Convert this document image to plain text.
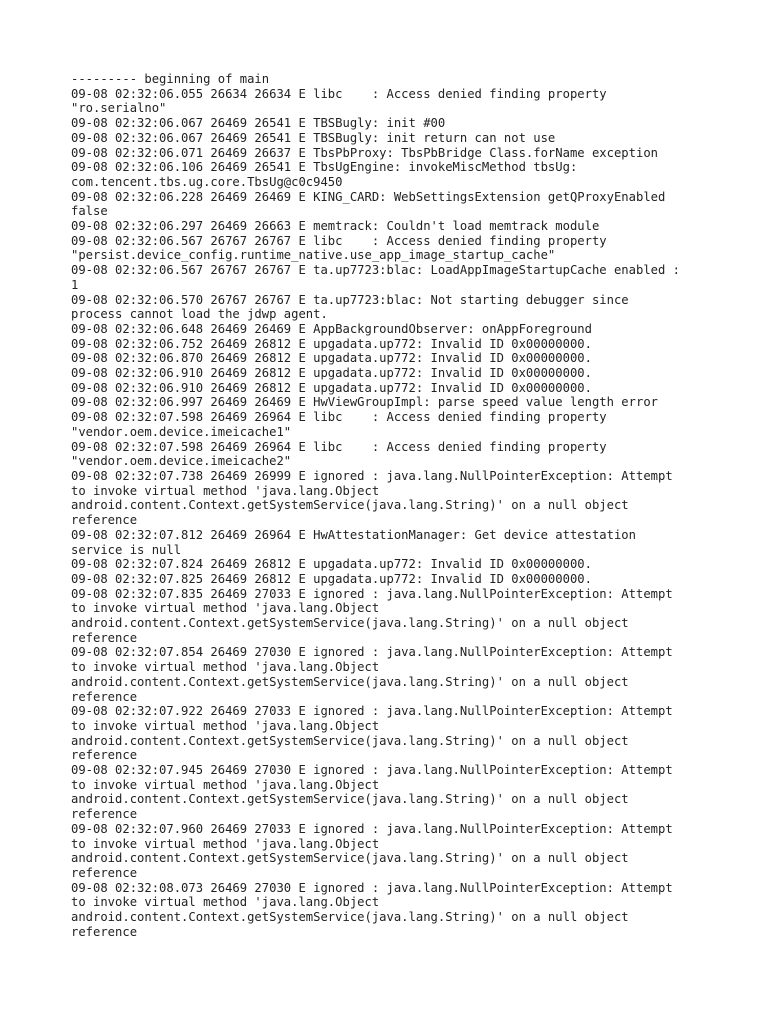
--------- beginning of main
09-08 02:32:06.055 26634 26634 E libc    : Access denied finding property
"ro.serialno"
09-08 02:32:06.067 26469 26541 E TBSBugly: init #00
09-08 02:32:06.067 26469 26541 E TBSBugly: init return can not use
09-08 02:32:06.071 26469 26637 E TbsPbProxy: TbsPbBridge Class.forName exception
09-08 02:32:06.106 26469 26541 E TbsUgEngine: invokeMiscMethod tbsUg:
com.tencent.tbs.ug.core.TbsUg@c0c9450
09-08 02:32:06.228 26469 26469 E KING_CARD: WebSettingsExtension getQProxyEnabled
false
09-08 02:32:06.297 26469 26663 E memtrack: Couldn't load memtrack module
09-08 02:32:06.567 26767 26767 E libc    : Access denied finding property
"persist.device_config.runtime_native.use_app_image_startup_cache"
09-08 02:32:06.567 26767 26767 E ta.up7723:blac: LoadAppImageStartupCache enabled :
1
09-08 02:32:06.570 26767 26767 E ta.up7723:blac: Not starting debugger since
process cannot load the jdwp agent.
09-08 02:32:06.648 26469 26469 E AppBackgroundObserver: onAppForeground
09-08 02:32:06.752 26469 26812 E upgadata.up772: Invalid ID 0x00000000.
09-08 02:32:06.870 26469 26812 E upgadata.up772: Invalid ID 0x00000000.
09-08 02:32:06.910 26469 26812 E upgadata.up772: Invalid ID 0x00000000.
09-08 02:32:06.910 26469 26812 E upgadata.up772: Invalid ID 0x00000000.
09-08 02:32:06.997 26469 26469 E HwViewGroupImpl: parse speed value length error
09-08 02:32:07.598 26469 26964 E libc    : Access denied finding property
"vendor.oem.device.imeicache1"
09-08 02:32:07.598 26469 26964 E libc    : Access denied finding property
"vendor.oem.device.imeicache2"
09-08 02:32:07.738 26469 26999 E ignored : java.lang.NullPointerException: Attempt
to invoke virtual method 'java.lang.Object
android.content.Context.getSystemService(java.lang.String)' on a null object
reference
09-08 02:32:07.812 26469 26964 E HwAttestationManager: Get device attestation
service is null
09-08 02:32:07.824 26469 26812 E upgadata.up772: Invalid ID 0x00000000.
09-08 02:32:07.825 26469 26812 E upgadata.up772: Invalid ID 0x00000000.
09-08 02:32:07.835 26469 27033 E ignored : java.lang.NullPointerException: Attempt
to invoke virtual method 'java.lang.Object
android.content.Context.getSystemService(java.lang.String)' on a null object
reference
09-08 02:32:07.854 26469 27030 E ignored : java.lang.NullPointerException: Attempt
to invoke virtual method 'java.lang.Object
android.content.Context.getSystemService(java.lang.String)' on a null object
reference
09-08 02:32:07.922 26469 27033 E ignored : java.lang.NullPointerException: Attempt
to invoke virtual method 'java.lang.Object
android.content.Context.getSystemService(java.lang.String)' on a null object
reference
09-08 02:32:07.945 26469 27030 E ignored : java.lang.NullPointerException: Attempt
to invoke virtual method 'java.lang.Object
android.content.Context.getSystemService(java.lang.String)' on a null object
reference
09-08 02:32:07.960 26469 27033 E ignored : java.lang.NullPointerException: Attempt
to invoke virtual method 'java.lang.Object
android.content.Context.getSystemService(java.lang.String)' on a null object
reference
09-08 02:32:08.073 26469 27030 E ignored : java.lang.NullPointerException: Attempt
to invoke virtual method 'java.lang.Object
android.content.Context.getSystemService(java.lang.String)' on a null object
reference
